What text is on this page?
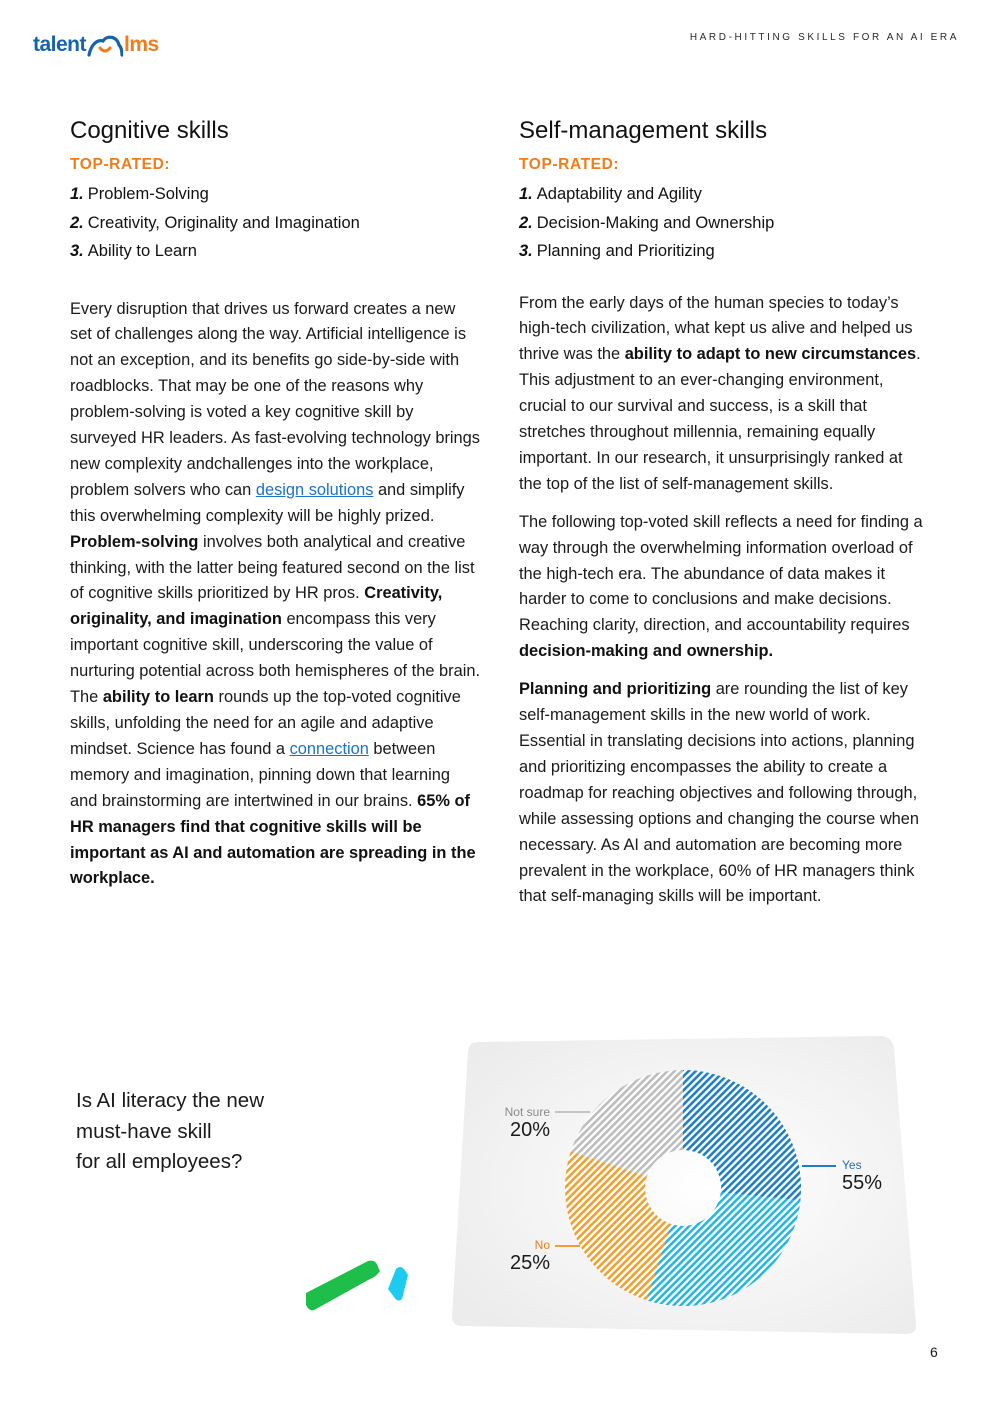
talent lms	HARD-HITTING SKILLS FOR AN AI ERA
Cognitive skills
TOP-RATED:
1. Problem-Solving
2. Creativity, Originality and Imagination
3. Ability to Learn

Every disruption that drives us forward creates a new set of challenges along the way. Artificial intelligence is not an exception, and its benefits go side-by-side with roadblocks. That may be one of the reasons why problem-solving is voted a key cognitive skill by surveyed HR leaders. As fast-evolving technology brings new complexity andchallenges into the workplace, problem solvers who can design solutions and simplify this overwhelming complexity will be highly prized. Problem-solving involves both analytical and creative thinking, with the latter being featured second on the list of cognitive skills prioritized by HR pros. Creativity, originality, and imagination encompass this very important cognitive skill, underscoring the value of nurturing potential across both hemispheres of the brain. The ability to learn rounds up the top-voted cognitive skills, unfolding the need for an agile and adaptive mindset. Science has found a connection between memory and imagination, pinning down that learning and brainstorming are intertwined in our brains. 65% of HR managers find that cognitive skills will be important as AI and automation are spreading in the workplace.

Self-management skills
TOP-RATED:
1. Adaptability and Agility
2. Decision-Making and Ownership
3. Planning and Prioritizing

From the early days of the human species to today’s high-tech civilization, what kept us alive and helped us thrive was the ability to adapt to new circumstances. This adjustment to an ever-changing environment, crucial to our survival and success, is a skill that stretches throughout millennia, remaining equally important. In our research, it unsurprisingly ranked at the top of the list of self-management skills.

The following top-voted skill reflects a need for finding a way through the overwhelming information overload of the high-tech era. The abundance of data makes it harder to come to conclusions and make decisions. Reaching clarity, direction, and accountability requires decision-making and ownership.

Planning and prioritizing are rounding the list of key self-management skills in the new world of work. Essential in translating decisions into actions, planning and prioritizing encompasses the ability to create a roadmap for reaching objectives and following through, while assessing options and changing the course when necessary. As AI and automation are becoming more prevalent in the workplace, 60% of HR managers think that self-managing skills will be important.

Is AI literacy the new
must-have skill
for all employees?	Yes
55%
Not sure
20%
No
25%
6
